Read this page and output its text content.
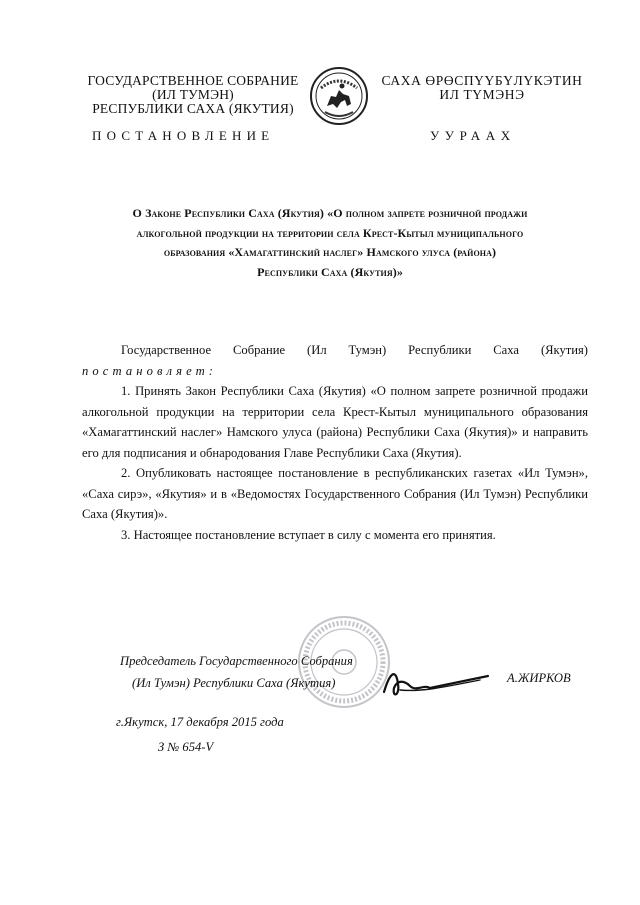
ГОСУДАРСТВЕННОЕ СОБРАНИЕ
(ИЛ ТУМЭН)
РЕСПУБЛИКИ САХА (ЯКУТИЯ)
САХА ӨРӨСПҮҮБҮЛҮКЭТИН
ИЛ ТҮМЭНЭ
ПОСТАНОВЛЕНИЕ	УУРААХ
О Законе Республики Саха (Якутия) «О полном запрете розничной продажи
алкогольной продукции на территории села Крест-Кытыл муниципального
образования «Хамагаттинский наслег» Намского улуса (района)
Республики Саха (Якутия)»
Государственное Собрание (Ил Тумэн) Республики Саха (Якутия)
постановляет:

1. Принять Закон Республики Саха (Якутия) «О полном запрете розничной продажи алкогольной продукции на территории села Крест-Кытыл муниципального образования «Хамагаттинский наслег» Намского улуса (района) Республики Саха (Якутия)» и направить его для подписания и обнародования Главе Республики Саха (Якутия).

2. Опубликовать настоящее постановление в республиканских газетах «Ил Тумэн», «Саха сирэ», «Якутия» и в «Ведомостях Государственного Собрания (Ил Тумэн) Республики Саха (Якутия)».

3. Настоящее постановление вступает в силу с момента его принятия.

Председатель Государственного Собрания
(Ил Тумэн) Республики Саха (Якутия)	А.ЖИРКОВ
г.Якутск, 17 декабря 2015 года
З № 654-V
